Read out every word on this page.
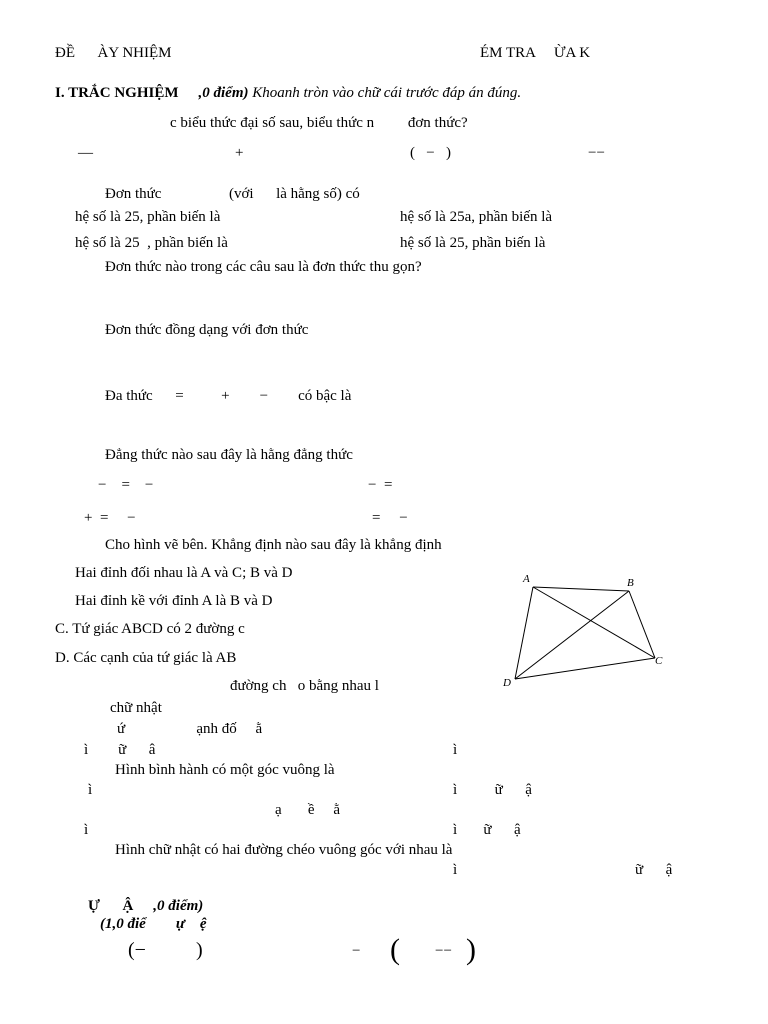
ĐỀ      ÀY NHIỆM	ÉM TRA     ỪA K
I. TRẮC NGHIỆM ,0 điểm) Khoanh tròn vào chữ cái trước đáp án đúng.
c biểu thức đại số sau, biểu thức n         đơn thức?
—	+	(   −   )	−−
Đơn thức                  (với      là hằng số) có
hệ số là 25, phần biến là	hệ số là 25a, phần biến là
hệ số là 25  , phần biến là	hệ số là 25, phần biến là
Đơn thức nào trong các câu sau là đơn thức thu gọn?
Đơn thức đồng dạng với đơn thức
Đa thức      =          +        −        có bậc là
Đẳng thức nào sau đây là hằng đẳng thức
−    =    −	−  =
+  =     −	=     −
Cho hình vẽ bên. Khẳng định nào sau đây là khẳng định
Hai đỉnh đối nhau là A và C; B và D
Hai đỉnh kề với đỉnh A là B và D
C. Tứ giác ABCD có 2 đường c
D. Các cạnh của tứ giác là AB
A	B
C
D
đường ch   o bằng nhau l
chữ nhật
ứ                   ạnh đố     ằ
ì        ữ      â	ì
Hình bình hành có một góc vuông là
ì	ì          ữ      ậ
ạ       ề     ằ
ì	ì       ữ      ậ
Hình chữ nhật có hai đường chéo vuông góc với nhau là
ì	ữ      ậ
Ự      Ậ ,0 điểm)
(1,0 điể ự    ệ
(−          )	− ( −− )
